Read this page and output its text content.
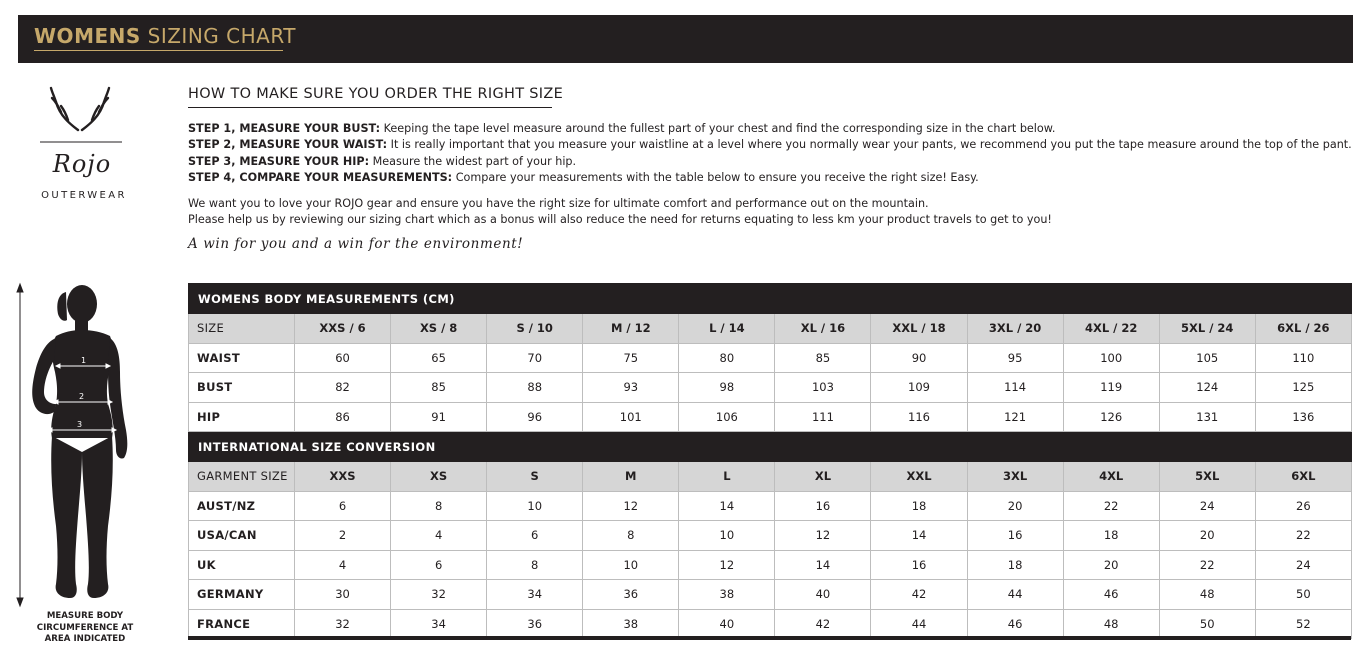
WOMENS SIZING CHART
Rojo
OUTERWEAR
HOW TO MAKE SURE YOU ORDER THE RIGHT SIZE
STEP 1, MEASURE YOUR BUST: Keeping the tape level measure around the fullest part of your chest and find the corresponding size in the chart below.
STEP 2, MEASURE YOUR WAIST: It is really important that you measure your waistline at a level where you normally wear your pants, we recommend you put the tape measure around the top of the pant.
STEP 3, MEASURE YOUR HIP: Measure the widest part of your hip.
STEP 4, COMPARE YOUR MEASUREMENTS: Compare your measurements with the table below to ensure you receive the right size! Easy.
We want you to love your ROJO gear and ensure you have the right size for ultimate comfort and performance out on the mountain.
Please help us by reviewing our sizing chart which as a bonus will also reduce the need for returns equating to less km your product travels to get to you!
A win for you and a win for the environment!
1
2
3
MEASURE BODY
CIRCUMFERENCE AT
AREA INDICATED
WOMENS BODY MEASUREMENTS (CM)											
SIZE	XXS / 6	XS / 8	S / 10	M / 12	L / 14	XL / 16	XXL / 18	3XL / 20	4XL / 22	5XL / 24	6XL / 26
WAIST	60	65	70	75	80	85	90	95	100	105	110
BUST	82	85	88	93	98	103	109	114	119	124	125
HIP	86	91	96	101	106	111	116	121	126	131	136
INTERNATIONAL SIZE CONVERSION											
GARMENT SIZE	XXS	XS	S	M	L	XL	XXL	3XL	4XL	5XL	6XL
AUST/NZ	6	8	10	12	14	16	18	20	22	24	26
USA/CAN	2	4	6	8	10	12	14	16	18	20	22
UK	4	6	8	10	12	14	16	18	20	22	24
GERMANY	30	32	34	36	38	40	42	44	46	48	50
FRANCE	32	34	36	38	40	42	44	46	48	50	52
